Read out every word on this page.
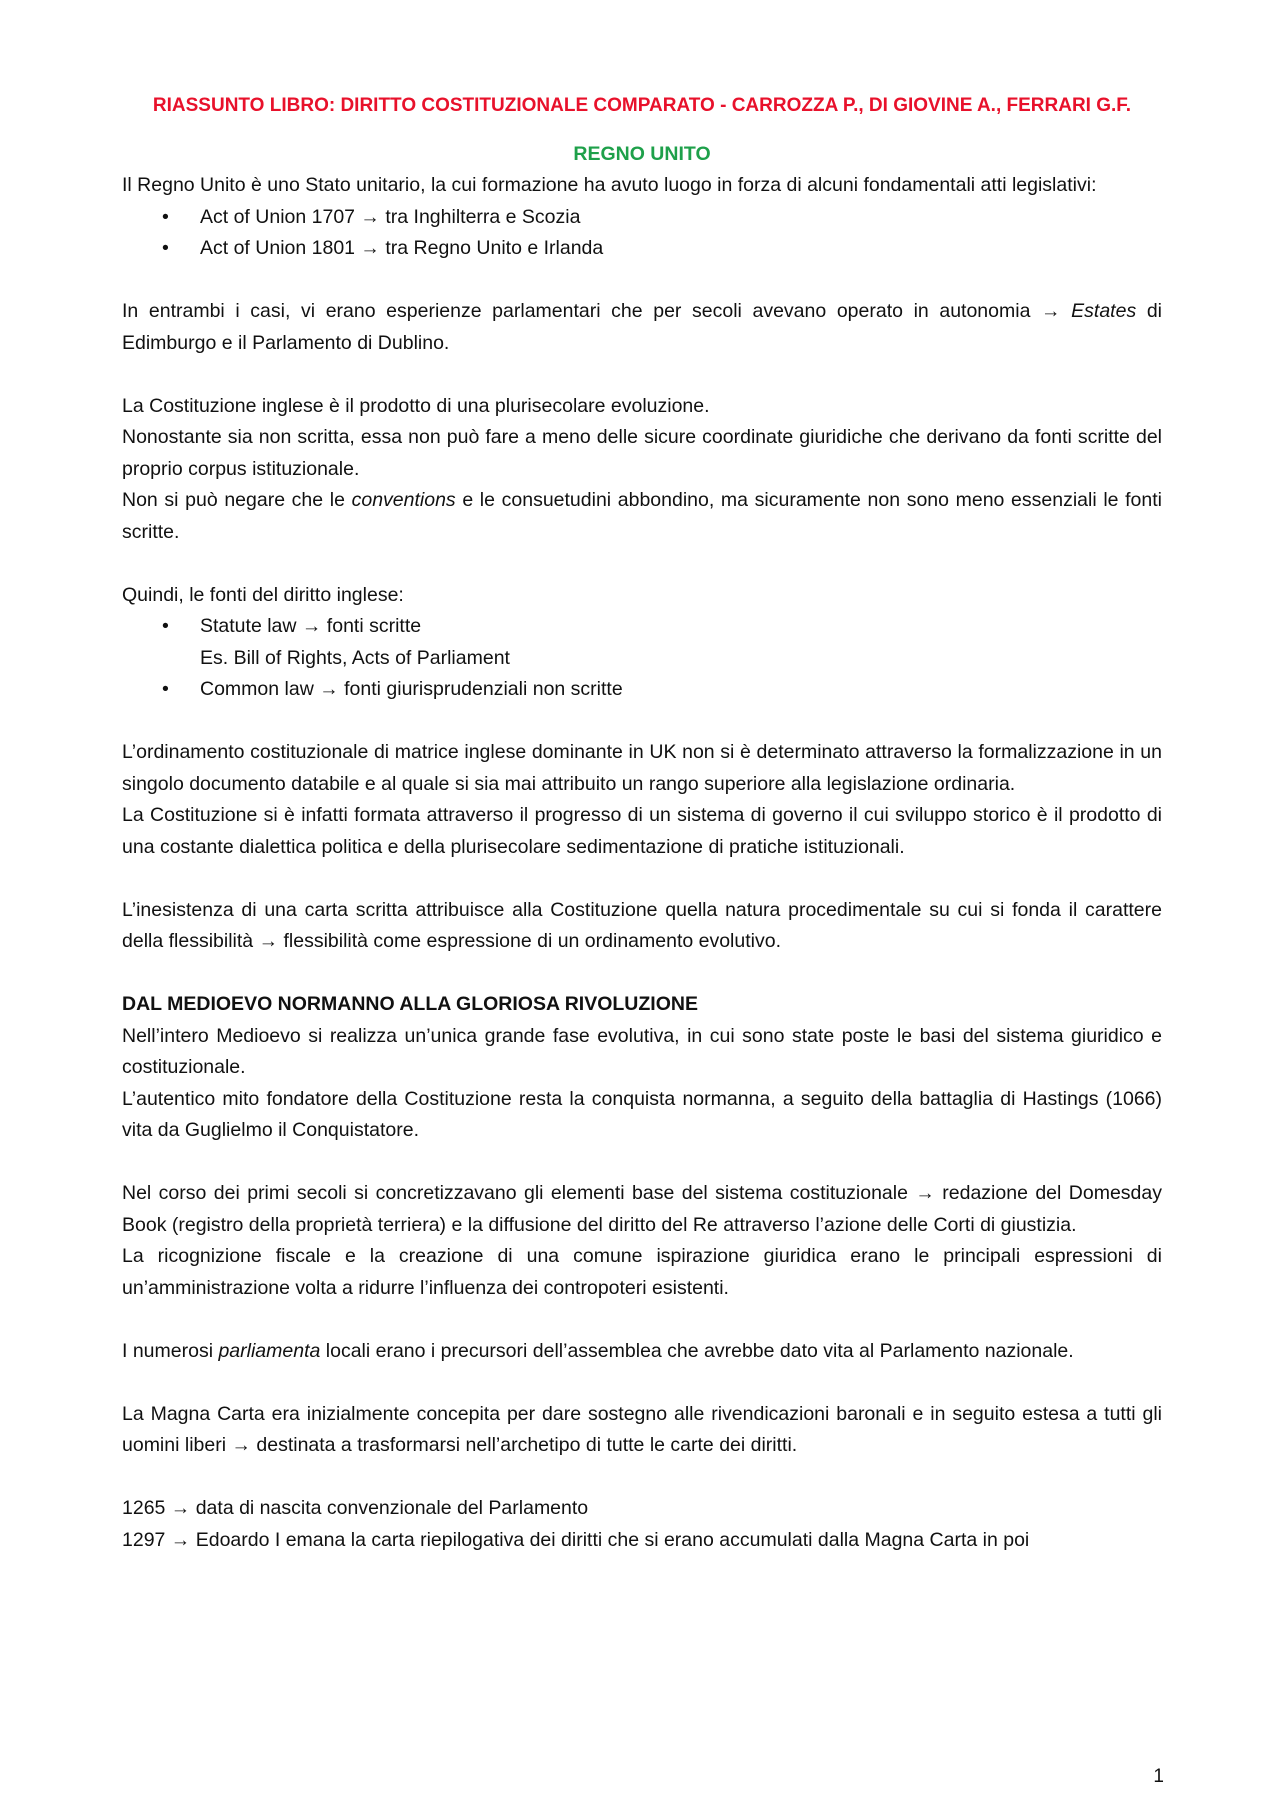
RIASSUNTO LIBRO: DIRITTO COSTITUZIONALE COMPARATO - CARROZZA P., DI GIOVINE A., FERRARI G.F.
REGNO UNITO

Il Regno Unito è uno Stato unitario, la cui formazione ha avuto luogo in forza di alcuni fondamentali atti legislativi:

• Act of Union 1707 → tra Inghilterra e Scozia
• Act of Union 1801 → tra Regno Unito e Irlanda

In entrambi i casi, vi erano esperienze parlamentari che per secoli avevano operato in autonomia → Estates di Edimburgo e il Parlamento di Dublino.

La Costituzione inglese è il prodotto di una plurisecolare evoluzione.

Nonostante sia non scritta, essa non può fare a meno delle sicure coordinate giuridiche che derivano da fonti scritte del proprio corpus istituzionale.

Non si può negare che le conventions e le consuetudini abbondino, ma sicuramente non sono meno essenziali le fonti scritte.

Quindi, le fonti del diritto inglese:

• Statute law → fonti scritte
Es. Bill of Rights, Acts of Parliament
• Common law → fonti giurisprudenziali non scritte

L’ordinamento costituzionale di matrice inglese dominante in UK non si è determinato attraverso la formalizzazione in un singolo documento databile e al quale si sia mai attribuito un rango superiore alla legislazione ordinaria.

La Costituzione si è infatti formata attraverso il progresso di un sistema di governo il cui sviluppo storico è il prodotto di una costante dialettica politica e della plurisecolare sedimentazione di pratiche istituzionali.

L’inesistenza di una carta scritta attribuisce alla Costituzione quella natura procedimentale su cui si fonda il carattere della flessibilità → flessibilità come espressione di un ordinamento evolutivo.

DAL MEDIOEVO NORMANNO ALLA GLORIOSA RIVOLUZIONE

Nell’intero Medioevo si realizza un’unica grande fase evolutiva, in cui sono state poste le basi del sistema giuridico e costituzionale.

L’autentico mito fondatore della Costituzione resta la conquista normanna, a seguito della battaglia di Hastings (1066) vita da Guglielmo il Conquistatore.

Nel corso dei primi secoli si concretizzavano gli elementi base del sistema costituzionale → redazione del Domesday Book (registro della proprietà terriera) e la diffusione del diritto del Re attraverso l’azione delle Corti di giustizia.

La ricognizione fiscale e la creazione di una comune ispirazione giuridica erano le principali espressioni di un’amministrazione volta a ridurre l’influenza dei contropoteri esistenti.

I numerosi parliamenta locali erano i precursori dell’assemblea che avrebbe dato vita al Parlamento nazionale.

La Magna Carta era inizialmente concepita per dare sostegno alle rivendicazioni baronali e in seguito estesa a tutti gli uomini liberi → destinata a trasformarsi nell’archetipo di tutte le carte dei diritti.

1265 → data di nascita convenzionale del Parlamento

1297 → Edoardo I emana la carta riepilogativa dei diritti che si erano accumulati dalla Magna Carta in poi

1
